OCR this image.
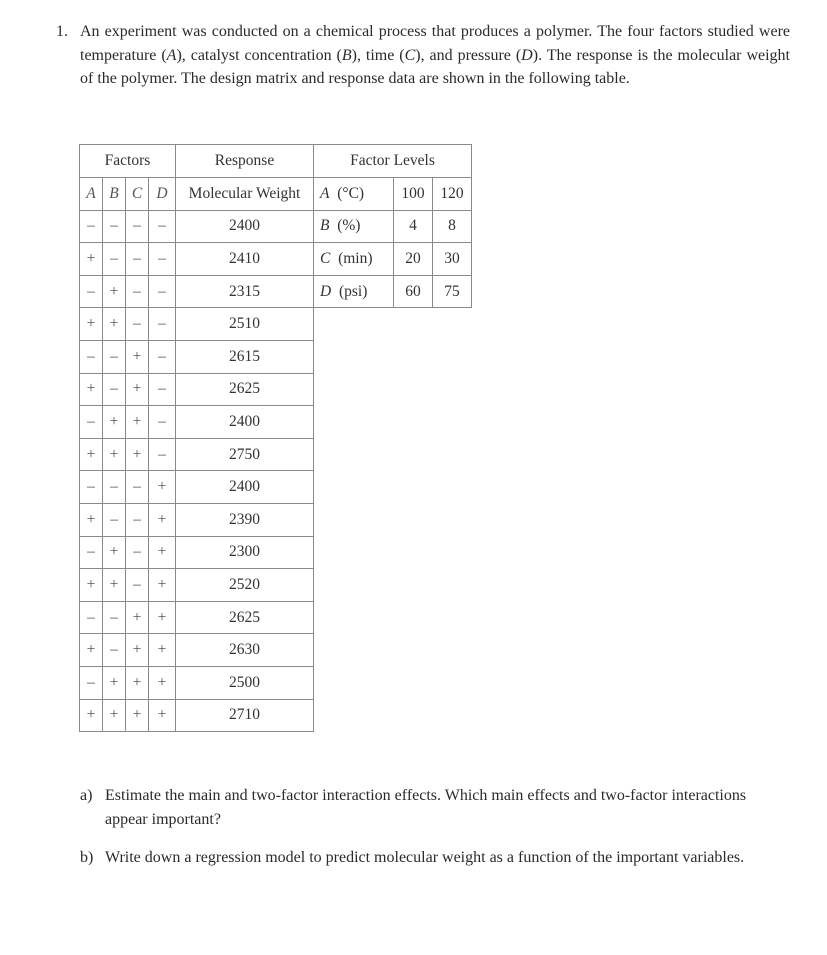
1. An experiment was conducted on a chemical process that produces a polymer. The four factors studied were temperature (A), catalyst concentration (B), time (C), and pressure (D). The response is the molecular weight of the polymer. The design matrix and response data are shown in the following table.
Factors				Response	Factor Levels		
A	B	C	D	Molecular Weight	A (°C)	100	120
–	–	–	–	2400	B (%)	4	8
+	–	–	–	2410	C (min)	20	30
–	+	–	–	2315	D (psi)	60	75
+	+	–	–	2510			
–	–	+	–	2615			
+	–	+	–	2625			
–	+	+	–	2400			
+	+	+	–	2750			
–	–	–	+	2400			
+	–	–	+	2390			
–	+	–	+	2300			
+	+	–	+	2520			
–	–	+	+	2625			
+	–	+	+	2630			
–	+	+	+	2500			
+	+	+	+	2710			
a) Estimate the main and two-factor interaction effects. Which main effects and two-factor interactions appear important?
b) Write down a regression model to predict molecular weight as a function of the important variables.
